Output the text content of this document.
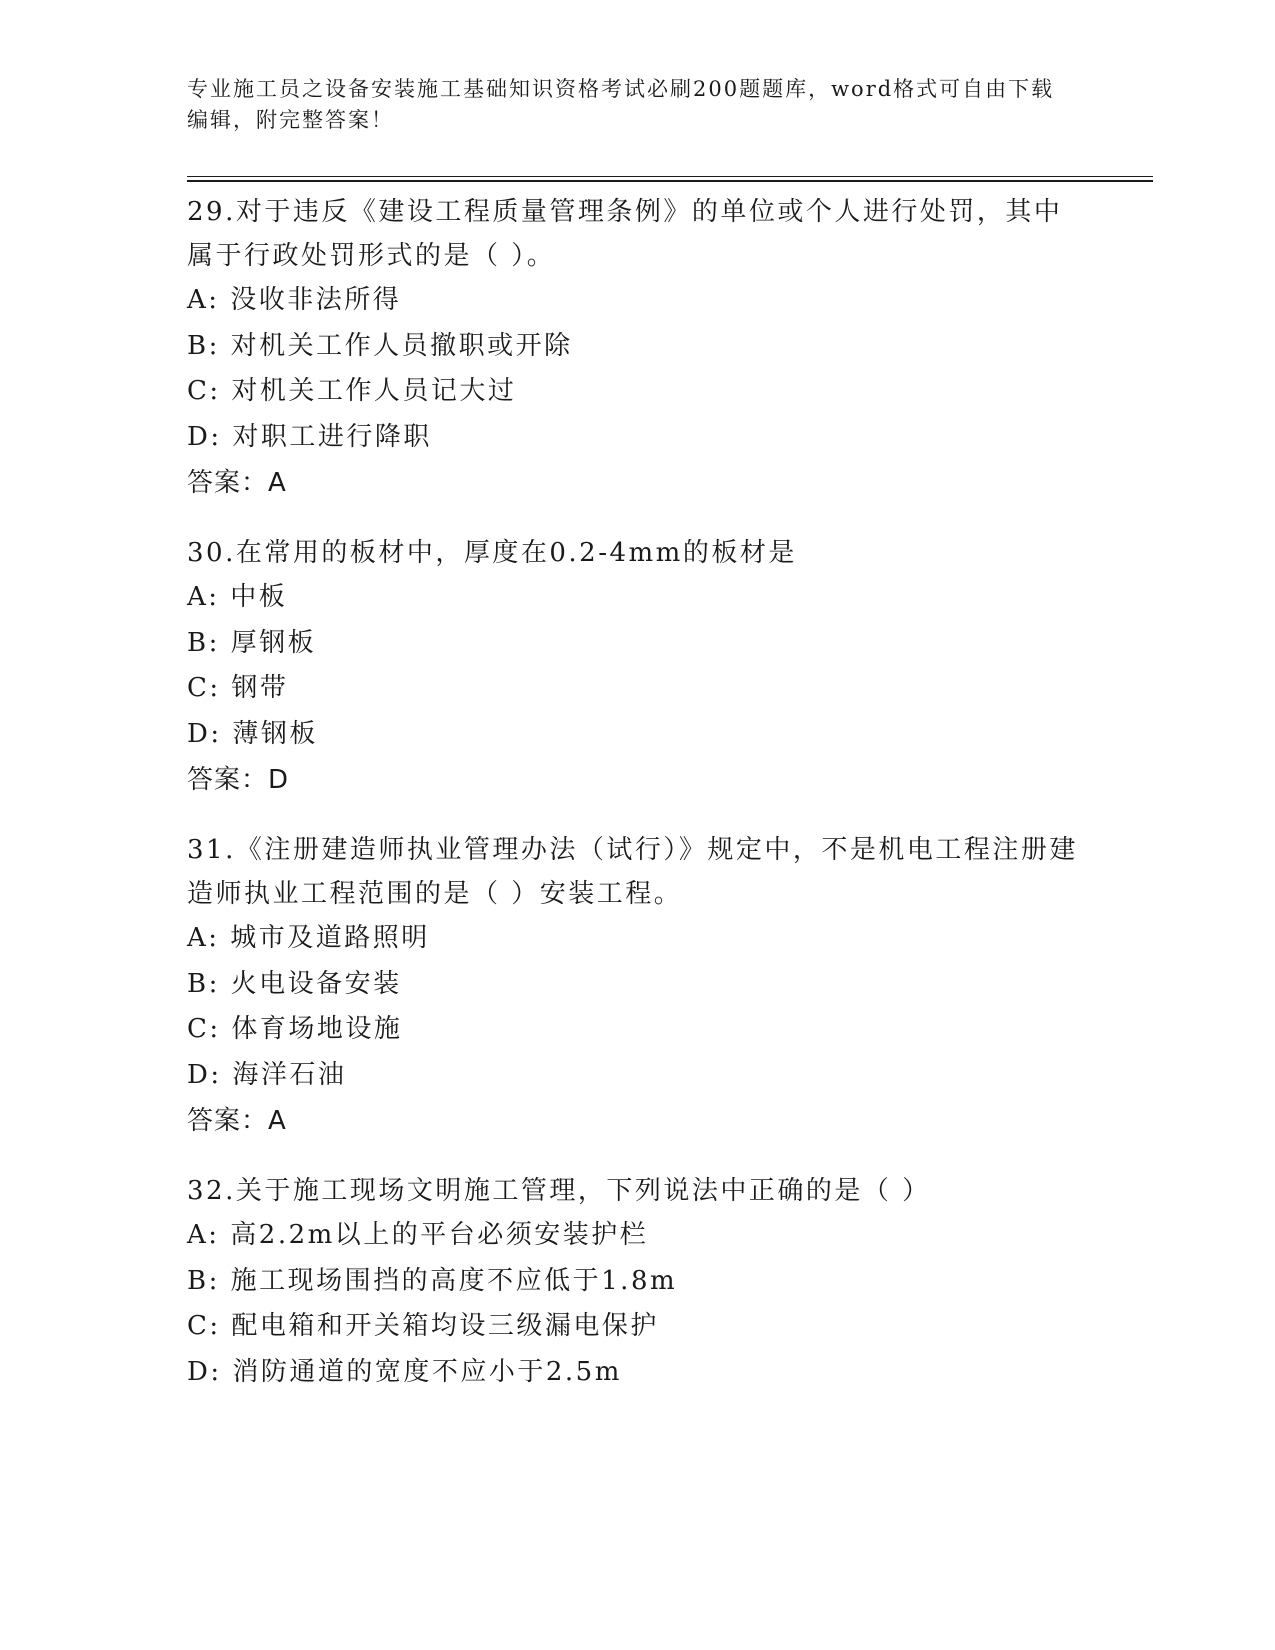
专业施工员之设备安装施工基础知识资格考试必刷200题题库，word格式可自由下载编辑，附完整答案！

29.对于违反《建设工程质量管理条例》的单位或个人进行处罚，其中属于行政处罚形式的是（ ）。

A: 没收非法所得

B: 对机关工作人员撤职或开除

C: 对机关工作人员记大过

D: 对职工进行降职

答案：A

30.在常用的板材中，厚度在0.2-4mm的板材是

A: 中板

B: 厚钢板

C: 钢带

D: 薄钢板

答案：D

31.《注册建造师执业管理办法（试行）》规定中，不是机电工程注册建造师执业工程范围的是（ ）安装工程。

A: 城市及道路照明

B: 火电设备安装

C: 体育场地设施

D: 海洋石油

答案：A

32.关于施工现场文明施工管理，下列说法中正确的是（ ）

A: 高2.2m以上的平台必须安装护栏

B: 施工现场围挡的高度不应低于1.8m

C: 配电箱和开关箱均设三级漏电保护

D: 消防通道的宽度不应小于2.5m
